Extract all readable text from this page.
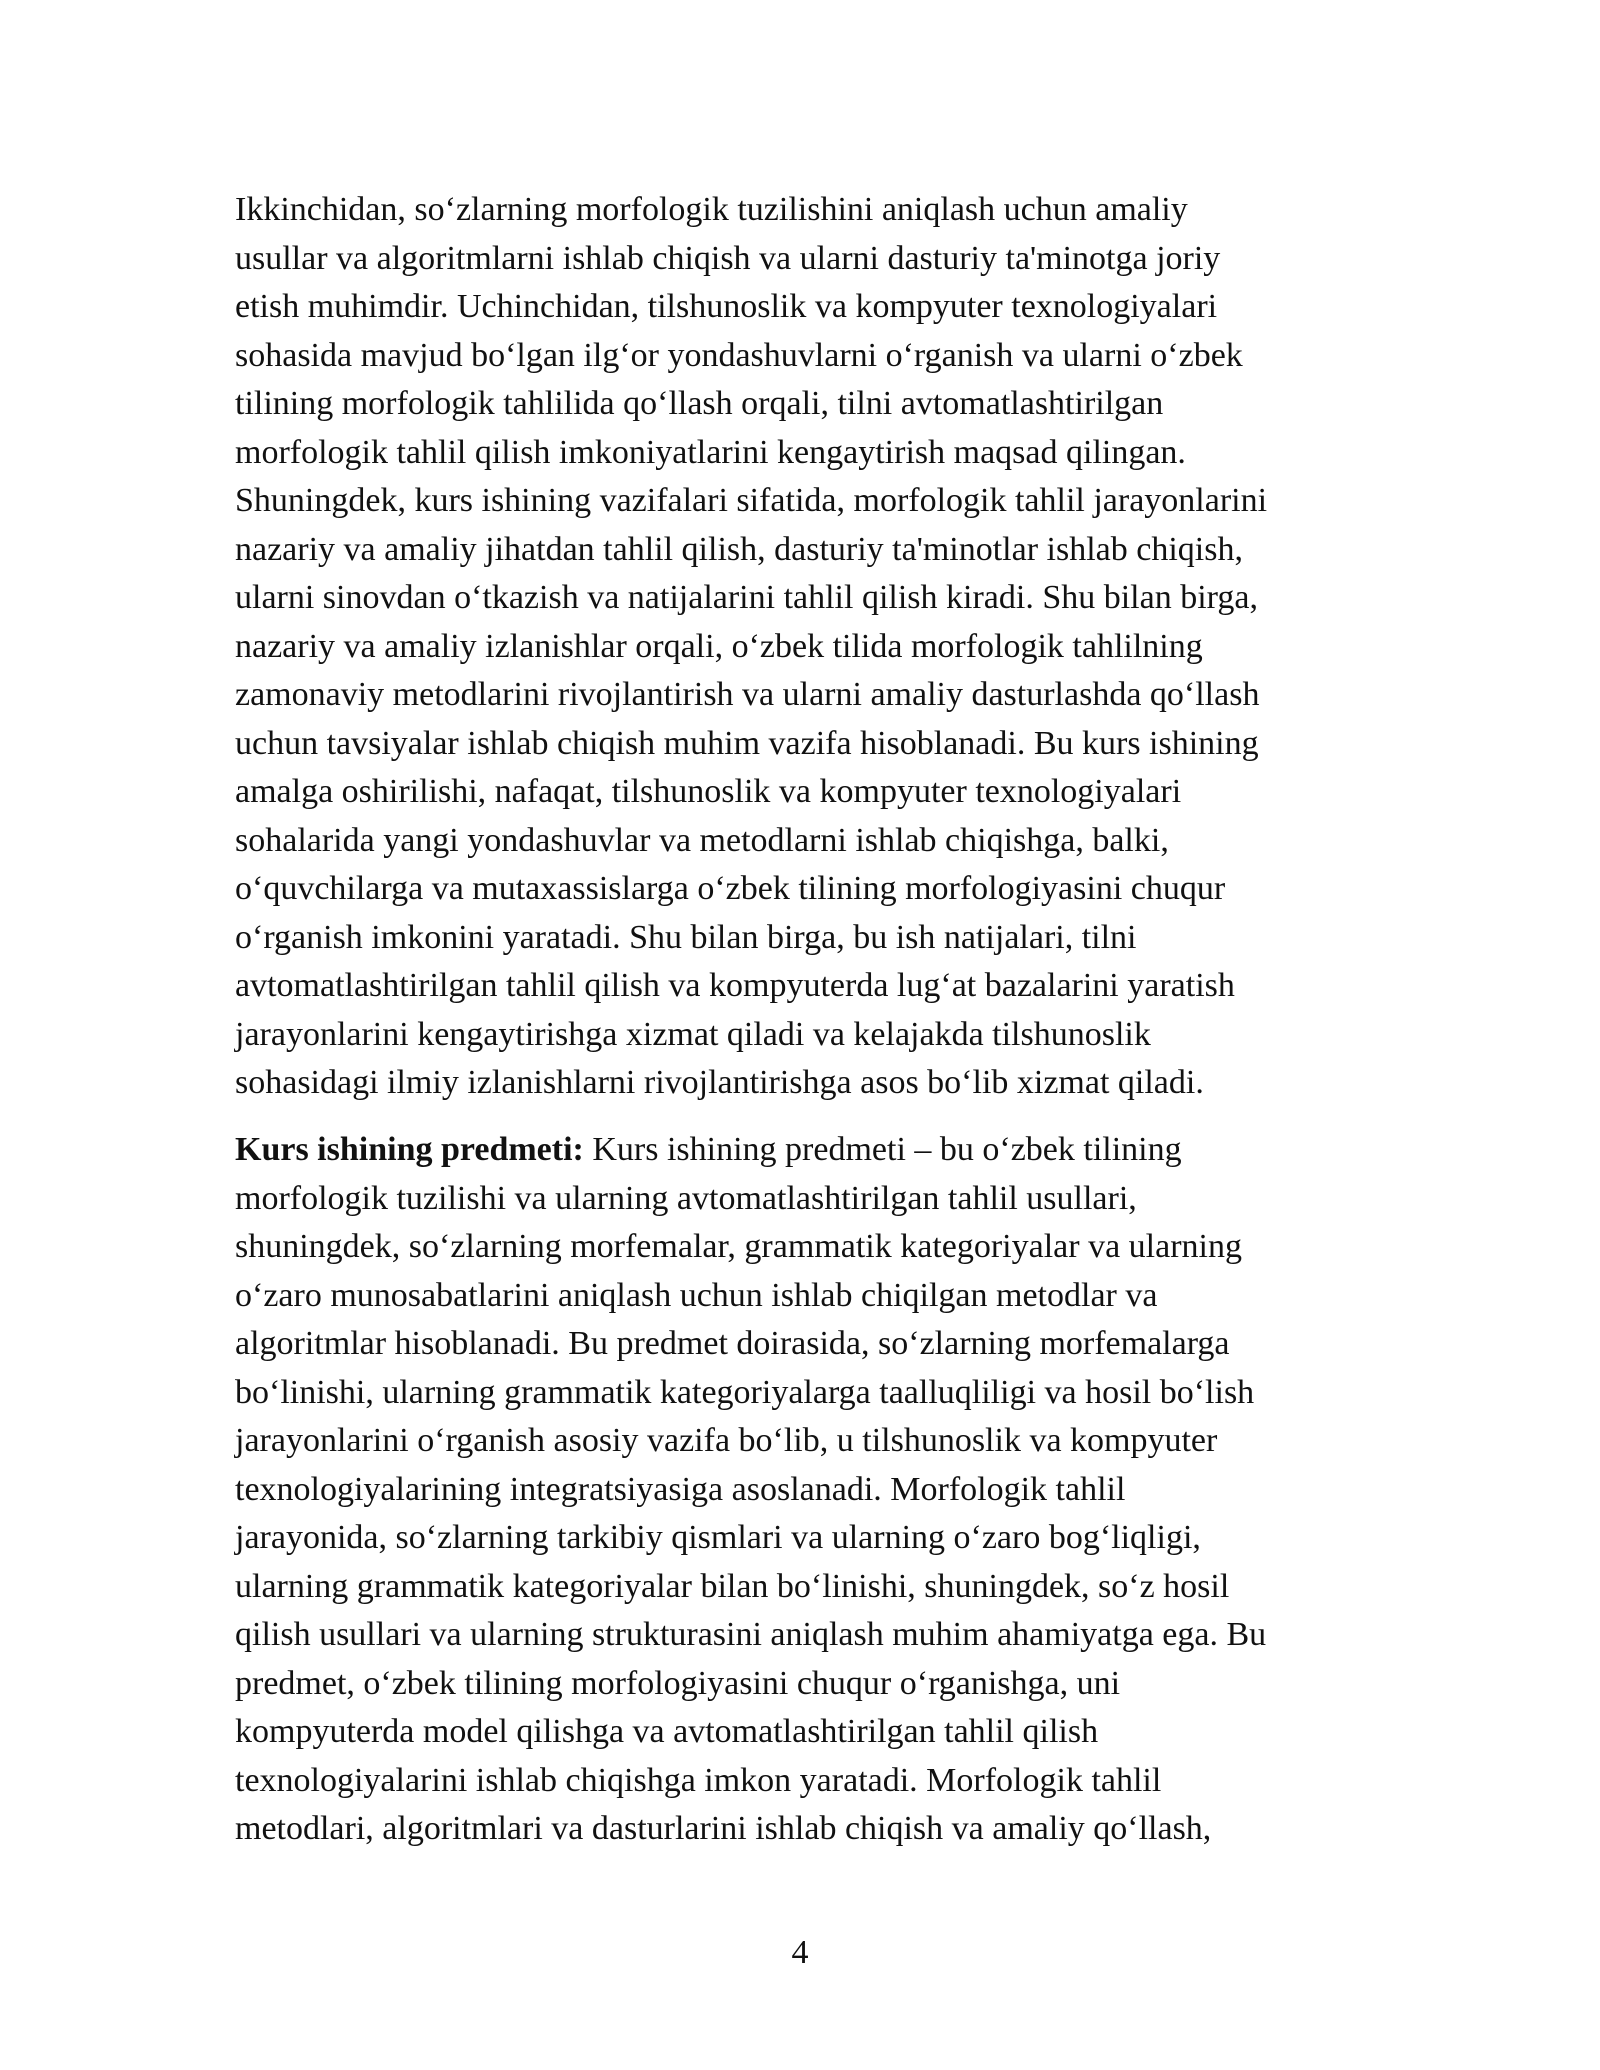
Ikkinchidan, so‘zlarning morfologik tuzilishini aniqlash uchun amaliy
usullar va algoritmlarni ishlab chiqish va ularni dasturiy ta'minotga joriy
etish muhimdir. Uchinchidan, tilshunoslik va kompyuter texnologiyalari
sohasida mavjud bo‘lgan ilg‘or yondashuvlarni o‘rganish va ularni o‘zbek
tilining morfologik tahlilida qo‘llash orqali, tilni avtomatlashtirilgan
morfologik tahlil qilish imkoniyatlarini kengaytirish maqsad qilingan.
Shuningdek, kurs ishining vazifalari sifatida, morfologik tahlil jarayonlarini
nazariy va amaliy jihatdan tahlil qilish, dasturiy ta'minotlar ishlab chiqish,
ularni sinovdan o‘tkazish va natijalarini tahlil qilish kiradi. Shu bilan birga,
nazariy va amaliy izlanishlar orqali, o‘zbek tilida morfologik tahlilning
zamonaviy metodlarini rivojlantirish va ularni amaliy dasturlashda qo‘llash
uchun tavsiyalar ishlab chiqish muhim vazifa hisoblanadi. Bu kurs ishining
amalga oshirilishi, nafaqat, tilshunoslik va kompyuter texnologiyalari
sohalarida yangi yondashuvlar va metodlarni ishlab chiqishga, balki,
o‘quvchilarga va mutaxassislarga o‘zbek tilining morfologiyasini chuqur
o‘rganish imkonini yaratadi. Shu bilan birga, bu ish natijalari, tilni
avtomatlashtirilgan tahlil qilish va kompyuterda lug‘at bazalarini yaratish
jarayonlarini kengaytirishga xizmat qiladi va kelajakda tilshunoslik
sohasidagi ilmiy izlanishlarni rivojlantirishga asos bo‘lib xizmat qiladi.

Kurs ishining predmeti: Kurs ishining predmeti – bu o‘zbek tilining
morfologik tuzilishi va ularning avtomatlashtirilgan tahlil usullari,
shuningdek, so‘zlarning morfemalar, grammatik kategoriyalar va ularning
o‘zaro munosabatlarini aniqlash uchun ishlab chiqilgan metodlar va
algoritmlar hisoblanadi. Bu predmet doirasida, so‘zlarning morfemalarga
bo‘linishi, ularning grammatik kategoriyalarga taalluqliligi va hosil bo‘lish
jarayonlarini o‘rganish asosiy vazifa bo‘lib, u tilshunoslik va kompyuter
texnologiyalarining integratsiyasiga asoslanadi. Morfologik tahlil
jarayonida, so‘zlarning tarkibiy qismlari va ularning o‘zaro bog‘liqligi,
ularning grammatik kategoriyalar bilan bo‘linishi, shuningdek, so‘z hosil
qilish usullari va ularning strukturasini aniqlash muhim ahamiyatga ega. Bu
predmet, o‘zbek tilining morfologiyasini chuqur o‘rganishga, uni
kompyuterda model qilishga va avtomatlashtirilgan tahlil qilish
texnologiyalarini ishlab chiqishga imkon yaratadi. Morfologik tahlil
metodlari, algoritmlari va dasturlarini ishlab chiqish va amaliy qo‘llash,

4
